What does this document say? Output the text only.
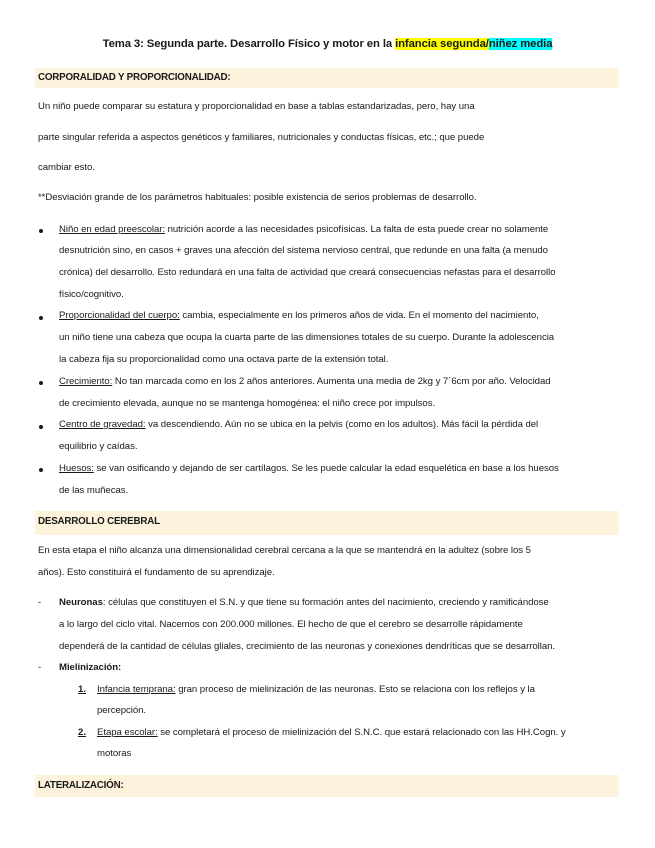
Tema 3: Segunda parte. Desarrollo Físico y motor en la infancia segunda/niñez media
CORPORALIDAD Y PROPORCIONALIDAD:
Un niño puede comparar su estatura y proporcionalidad en base a tablas estandarizadas, pero, hay una
parte singular referida a aspectos genéticos y familiares, nutricionales y conductas físicas, etc.; que puede
cambiar esto.
**Desviación grande de los parámetros habituales: posible existencia de serios problemas de desarrollo.
Niño en edad preescolar: nutrición acorde a las necesidades psicofísicas. La falta de esta puede crear no solamente
desnutrición sino, en casos + graves una afección del sistema nervioso central, que redunde en una falta (a menudo
crónica) del desarrollo. Esto redundará en una falta de actividad que creará consecuencias nefastas para el desarrollo
físico/cognitivo.
Proporcionalidad del cuerpo: cambia, especialmente en los primeros años de vida. En el momento del nacimiento,
un niño tiene una cabeza que ocupa la cuarta parte de las dimensiones totales de su cuerpo. Durante la adolescencia
la cabeza fija su proporcionalidad como una octava parte de la extensión total.
Crecimiento: No tan marcada como en los 2 años anteriores. Aumenta una media de 2kg y 7´6cm por año. Velocidad
de crecimiento elevada, aunque no se mantenga homogénea: el niño crece por impulsos.
Centro de gravedad: va descendiendo. Aún no se ubica en la pelvis (como en los adultos). Más fácil la pérdida del
equilibrio y caídas.
Huesos: se van osificando y dejando de ser cartílagos. Se les puede calcular la edad esquelética en base a los huesos
de las muñecas.
DESARROLLO CEREBRAL
En esta etapa el niño alcanza una dimensionalidad cerebral cercana a la que se mantendrá en la adultez (sobre los 5
años). Esto constituirá el fundamento de su aprendizaje.
- Neuronas: células que constituyen el S.N. y que tiene su formación antes del nacimiento, creciendo y ramificándose
a lo largo del ciclo vital. Nacemos con 200.000 millones. El hecho de que el cerebro se desarrolle rápidamente
dependerá de la cantidad de células gliales, crecimiento de las neuronas y conexiones dendríticas que se desarrollan.
- Mielinización:
1. Infancia temprana: gran proceso de mielinización de las neuronas. Esto se relaciona con los reflejos y la
percepción.
2. Etapa escolar: se completará el proceso de mielinización del S.N.C. que estará relacionado con las HH.Cogn. y
motoras
LATERALIZACIÓN:
